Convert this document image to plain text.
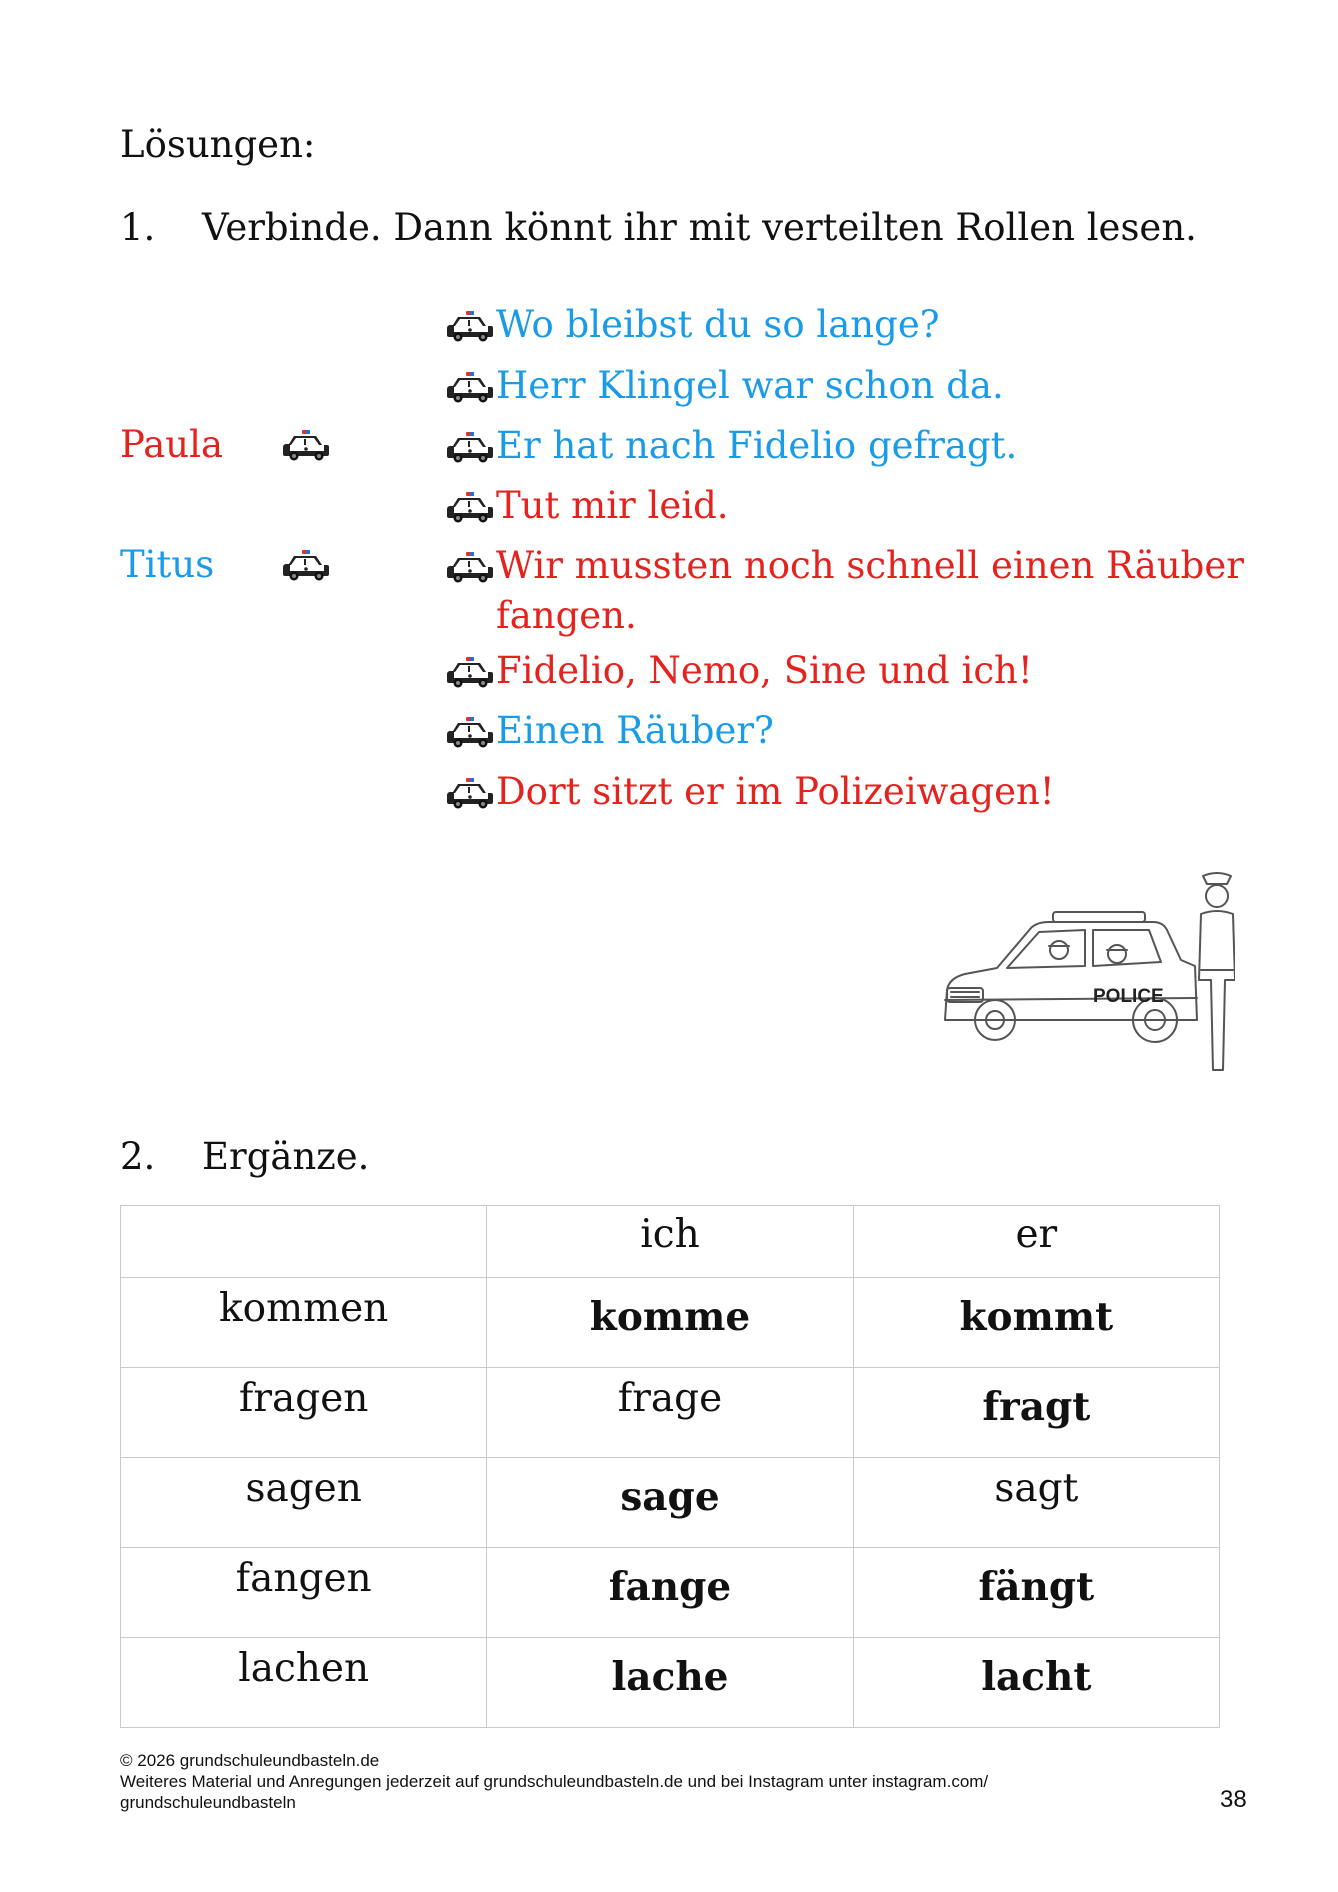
Lösungen:
1. Verbinde. Dann könnt ihr mit verteilten Rollen lesen.
Paula
Titus
Wo bleibst du so lange?
Herr Klingel war schon da.
Er hat nach Fidelio gefragt.
Tut mir leid.
Wir mussten noch schnell einen Räuber fangen.
Fidelio, Nemo, Sine und ich!
Einen Räuber?
Dort sitzt er im Polizeiwagen!
POLICE
2. Ergänze.
	ich	er
kommen	komme	kommt
fragen	frage	fragt
sagen	sage	sagt
fangen	fange	fängt
lachen	lache	lacht
© 2026 grundschuleundbasteln.de
Weiteres Material und Anregungen jederzeit auf grundschuleundbasteln.de und bei Instagram unter instagram.com/
grundschuleundbasteln	38
